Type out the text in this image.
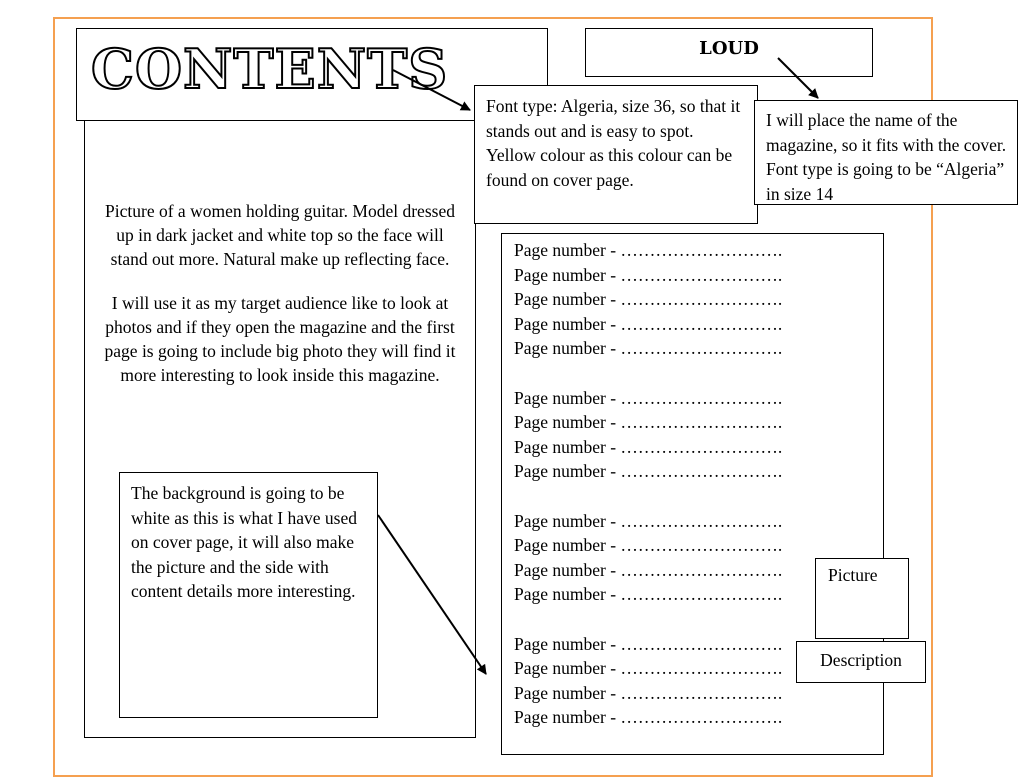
Picture of a women holding guitar. Model dressed up in dark jacket and white top so the face will stand out more. Natural make up reflecting face.

I will use it as my target audience like to look at photos and if they open the magazine and the first page is going to include big photo they will find it more interesting to look inside this magazine.

CONTENTS	LOUD
Font type: Algeria, size 36, so that it stands out and is easy to spot. Yellow colour as this colour can be found on cover page.
I will place the name of the magazine, so it fits with the cover. Font type is going to be “Algeria” in size 14
Page number - ……………………….
Page number - ……………………….
Page number - ……………………….
Page number - ……………………….
Page number - ……………………….
Page number - ……………………….
Page number - ……………………….
Page number - ……………………….
Page number - ……………………….
Page number - ……………………….
Page number - ……………………….
Page number - ……………………….
Page number - ……………………….
Page number - ……………………….
Page number - ……………………….
Page number - ……………………….
Page number - ……………………….
Picture
Description
The background is going to be white as this is what I have used on cover page, it will also make the picture and the side with content details more interesting.
